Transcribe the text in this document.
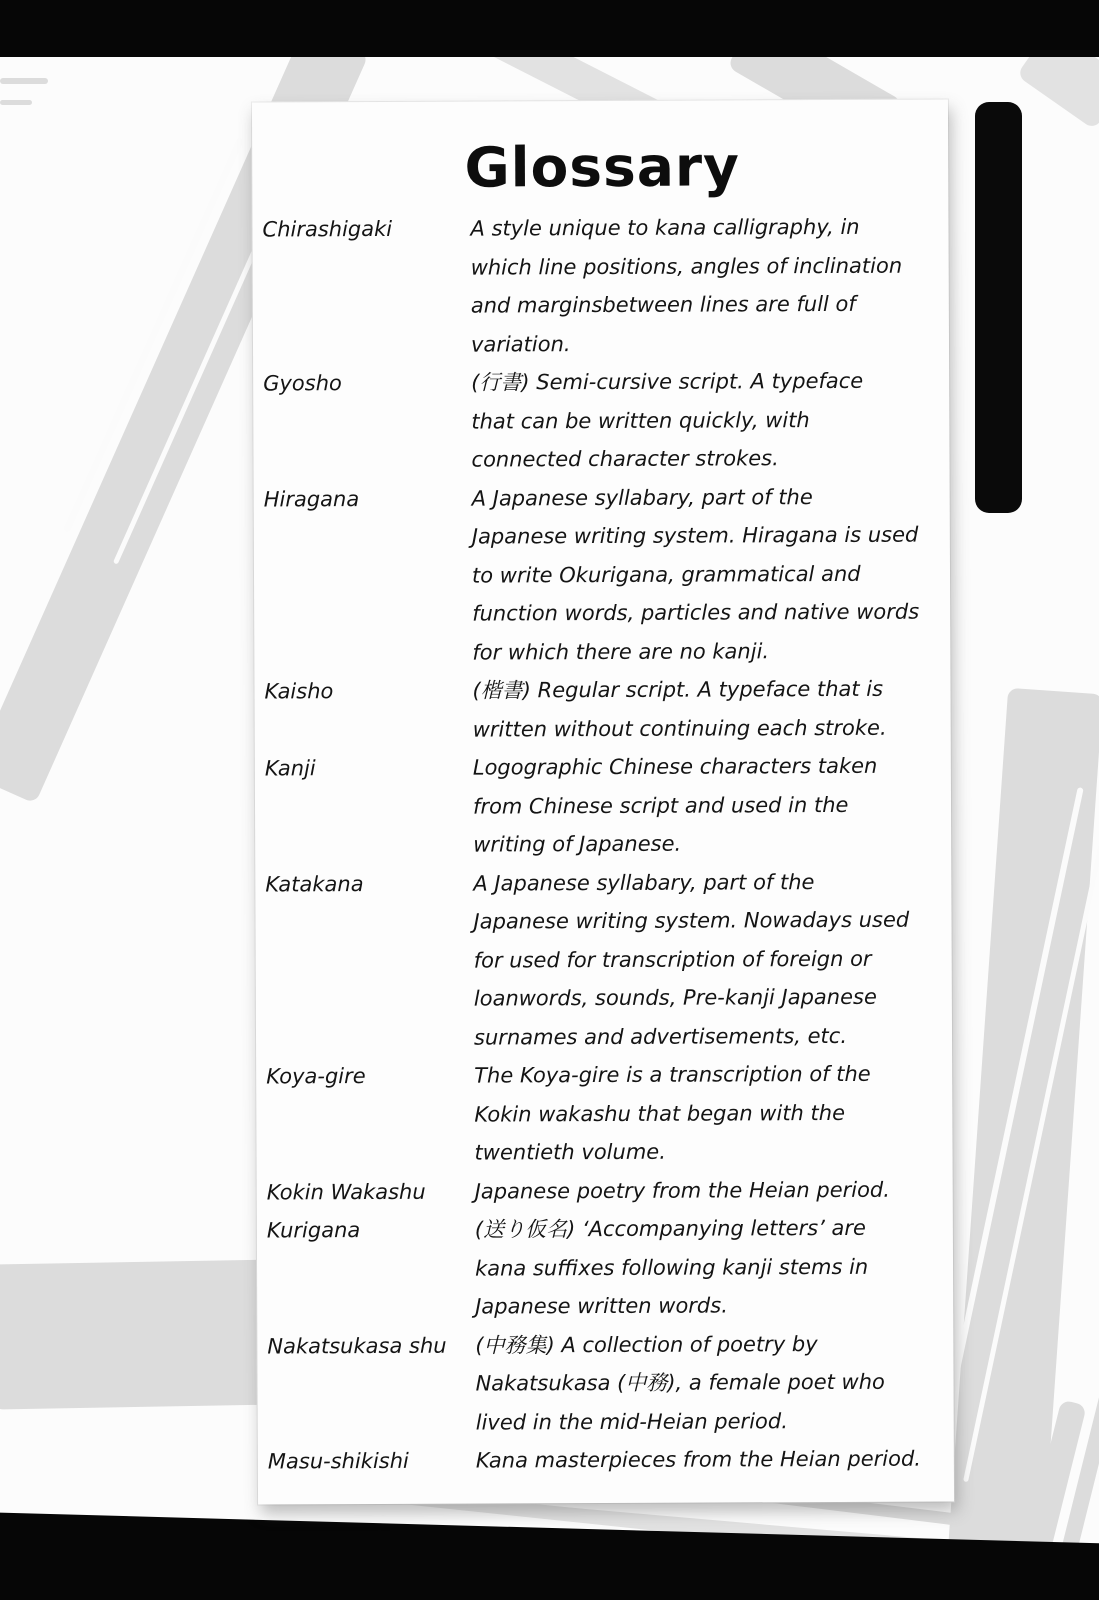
Glossary
Chirashigaki	A style unique to kana calligraphy, in
which line positions, angles of inclination
and marginsbetween lines are full of
variation.
Gyosho	(行書) Semi-cursive script. A typeface
that can be written quickly, with
connected character strokes.
Hiragana	A Japanese syllabary, part of the
Japanese writing system. Hiragana is used
to write Okurigana, grammatical and
function words, particles and native words
for which there are no kanji.
Kaisho	(楷書) Regular script. A typeface that is
written without continuing each stroke.
Kanji	Logographic Chinese characters taken
from Chinese script and used in the
writing of Japanese.
Katakana	A Japanese syllabary, part of the
Japanese writing system. Nowadays used
for used for transcription of foreign or
loanwords, sounds, Pre-kanji Japanese
surnames and advertisements, etc.
Koya-gire	The Koya-gire is a transcription of the
Kokin wakashu that began with the
twentieth volume.
Kokin Wakashu	Japanese poetry from the Heian period.
Kurigana	(送り仮名) ‘Accompanying letters’ are
kana suffixes following kanji stems in
Japanese written words.
Nakatsukasa shu	(中務集) A collection of poetry by
Nakatsukasa (中務), a female poet who
lived in the mid-Heian period.
Masu-shikishi	Kana masterpieces from the Heian period.
